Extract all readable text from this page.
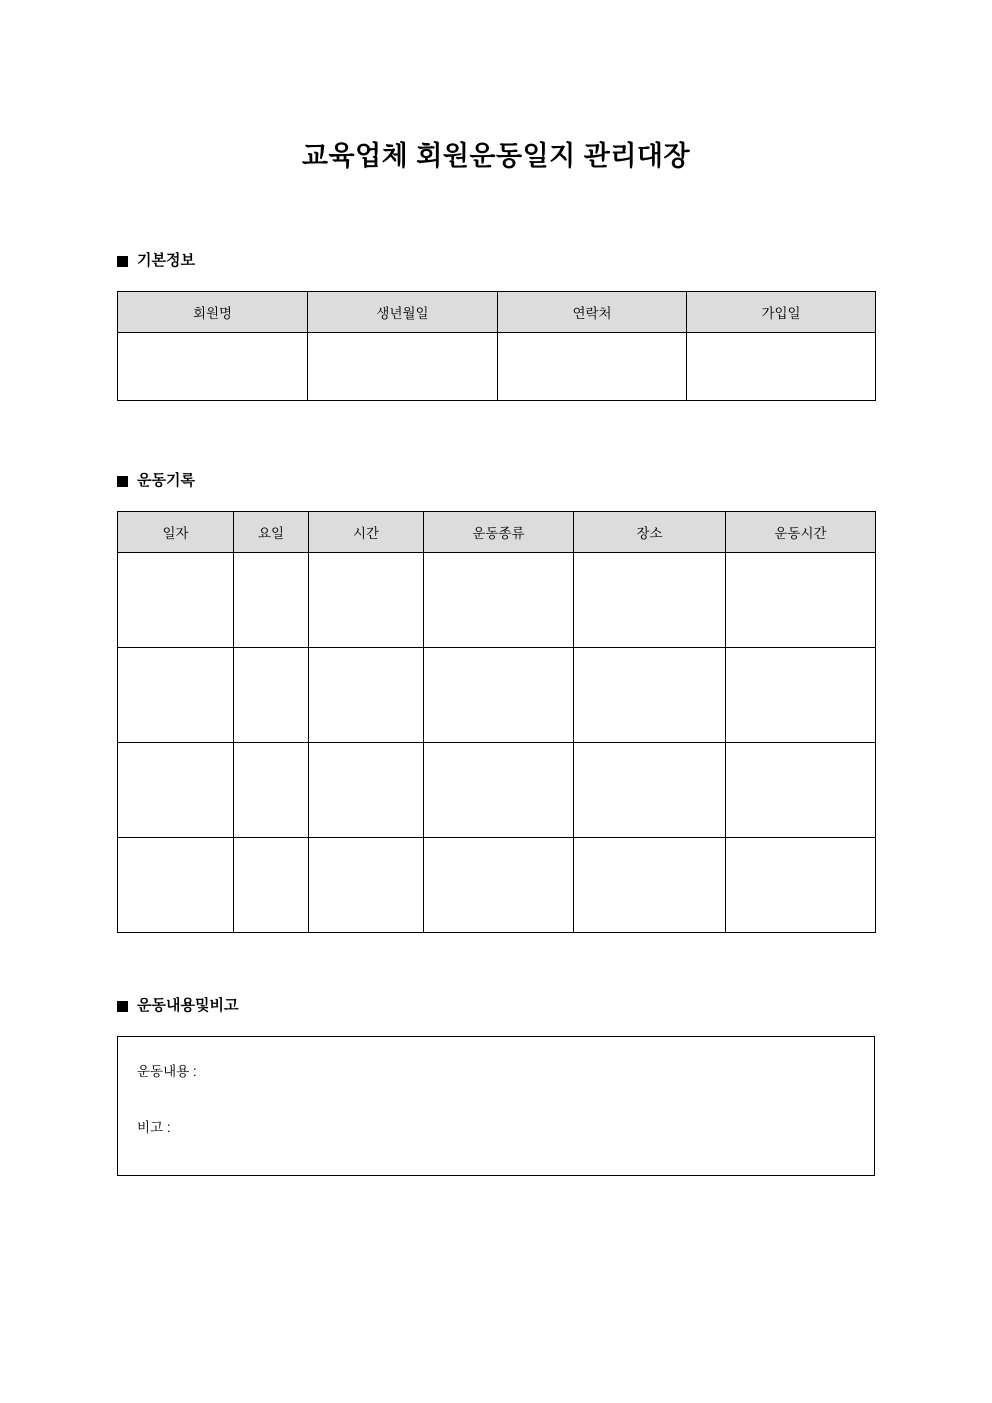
교육업체 회원운동일지 관리대장
기본정보
회원명	생년월일	연락처	가입일

운동기록
일자	요일	시간	운동종류	장소	운동시간

운동내용및비고
운동내용 :
비고 :
